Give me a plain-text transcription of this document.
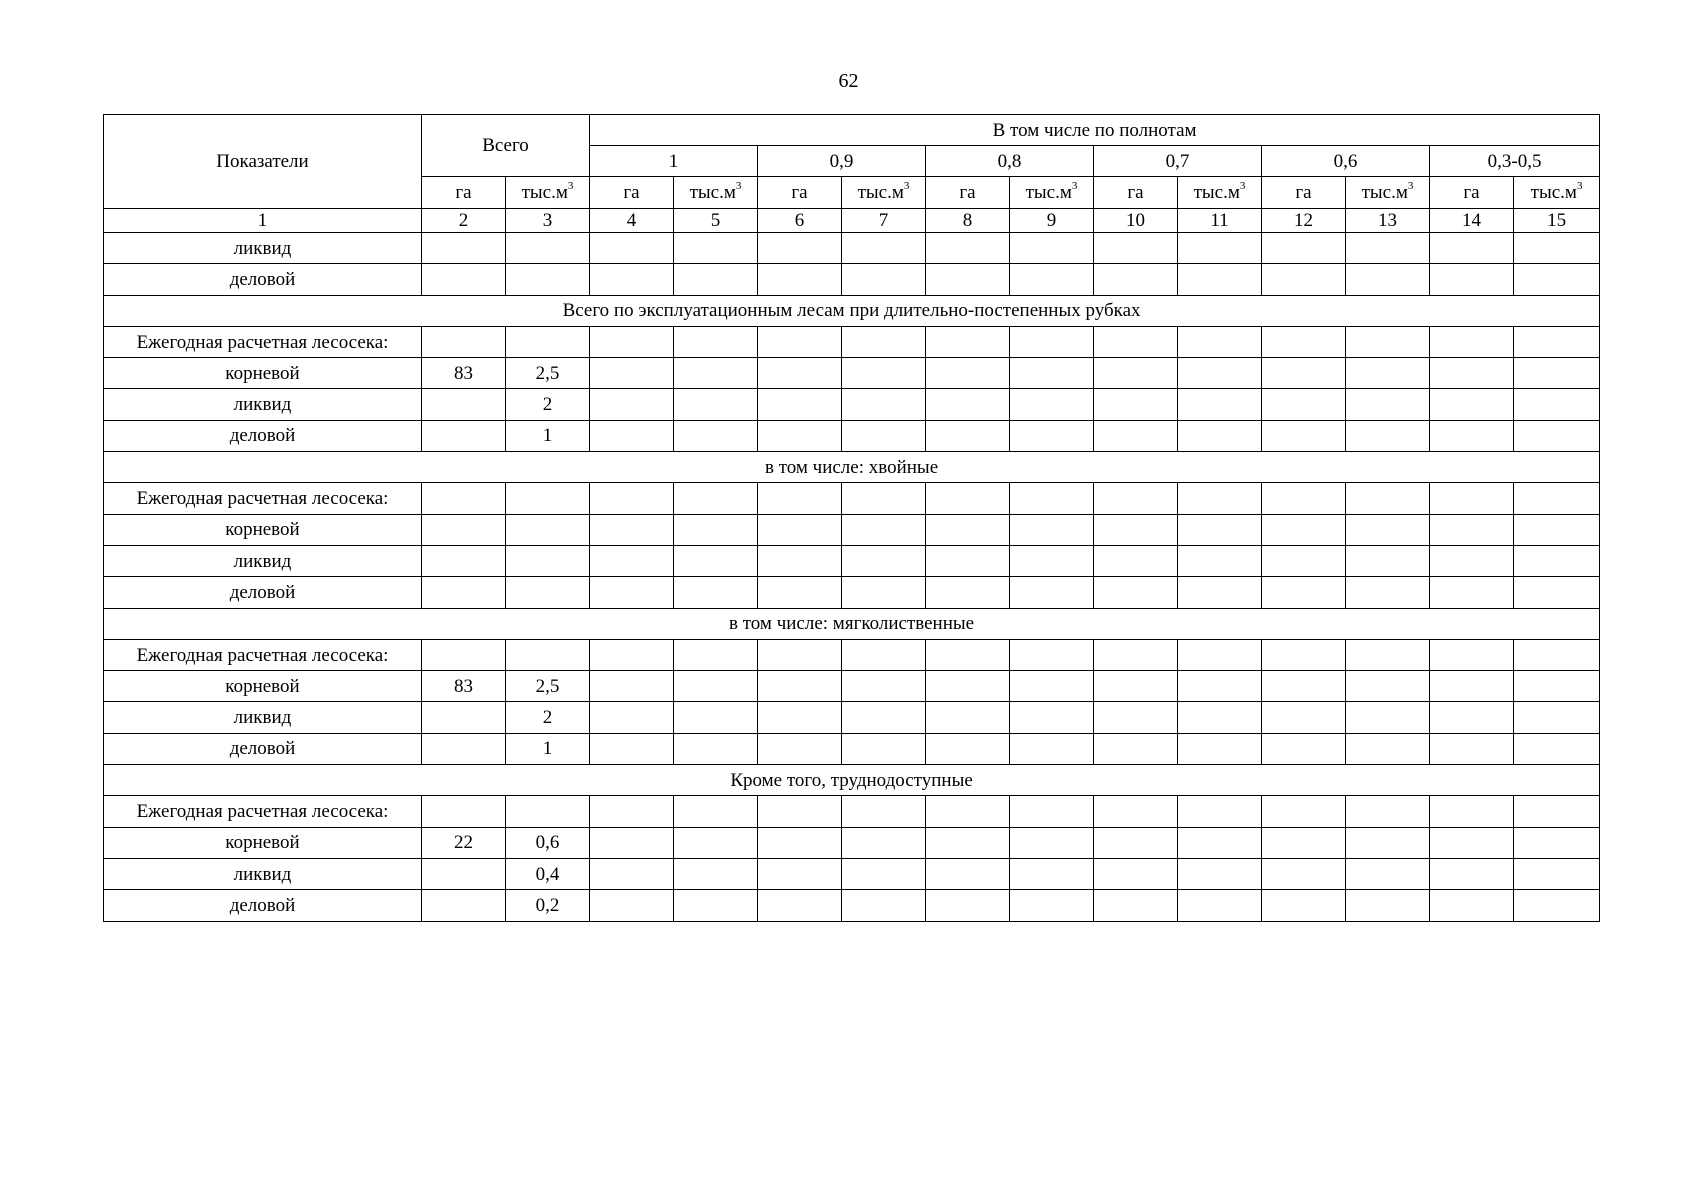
62
Показатели	Всего		В том числе по полнотам											
			1		0,9		0,8		0,7		0,6		0,3-0,5	
	га	$тыс.м^3$	га	$тыс.м^3$	га	$тыс.м^3$	га	$тыс.м^3$	га	$тыс.м^3$	га	$тыс.м^3$	га	$тыс.м^3$
1	2	3	4	5	6	7	8	9	10	11	12	13	14	15
ликвид														
деловой														
Всего по эксплуатационным лесам при длительно-постепенных рубках														
Ежегодная расчетная лесосека:														
корневой	83	2,5												
ликвид		2												
деловой		1												
в том числе: хвойные														
Ежегодная расчетная лесосека:														
корневой														
ликвид														
деловой														
в том числе: мягколиственные														
Ежегодная расчетная лесосека:														
корневой	83	2,5												
ликвид		2												
деловой		1												
Кроме того, труднодоступные														
Ежегодная расчетная лесосека:														
корневой	22	0,6												
ликвид		0,4												
деловой		0,2												
